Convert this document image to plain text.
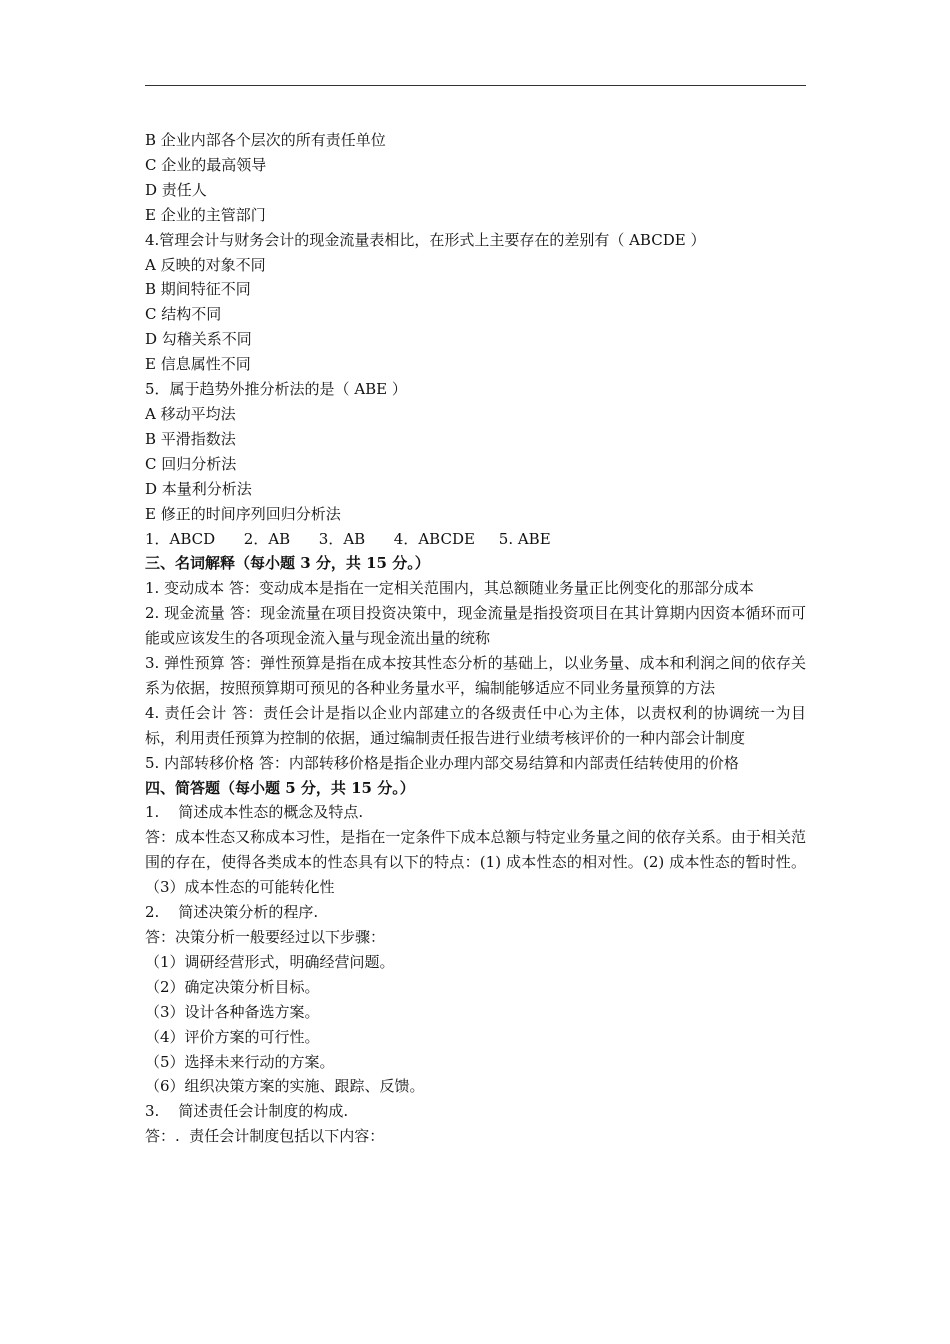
B 企业内部各个层次的所有责任单位
C 企业的最高领导
D 责任人
E 企业的主管部门
4.管理会计与财务会计的现金流量表相比，在形式上主要存在的差别有（ ABCDE ）
A 反映的对象不同
B 期间特征不同
C 结构不同
D 勾稽关系不同
E 信息属性不同
5．属于趋势外推分析法的是（ ABE ）
A 移动平均法
B 平滑指数法
C 回归分析法
D 本量利分析法
E 修正的时间序列回归分析法
1．ABCD      2．AB      3．AB      4．ABCDE     5. ABE
三、名词解释（每小题 3 分，共 15 分。）
1. 变动成本 答：变动成本是指在一定相关范围内，其总额随业务量正比例变化的那部分成本
2. 现金流量 答：现金流量在项目投资决策中，现金流量是指投资项目在其计算期内因资本循环而可能或应该发生的各项现金流入量与现金流出量的统称
3. 弹性预算 答：弹性预算是指在成本按其性态分析的基础上，以业务量、成本和利润之间的依存关系为依据，按照预算期可预见的各种业务量水平，编制能够适应不同业务量预算的方法
4. 责任会计 答：责任会计是指以企业内部建立的各级责任中心为主体，以责权利的协调统一为目标，利用责任预算为控制的依据，通过编制责任报告进行业绩考核评价的一种内部会计制度
5. 内部转移价格 答：内部转移价格是指企业办理内部交易结算和内部责任结转使用的价格
四、简答题（每小题 5 分，共 15 分。）
1.    简述成本性态的概念及特点.
答：成本性态又称成本习性，是指在一定条件下成本总额与特定业务量之间的依存关系。由于相关范围的存在，使得各类成本的性态具有以下的特点：(1) 成本性态的相对性。(2) 成本性态的暂时性。（3）成本性态的可能转化性
2.    简述决策分析的程序.
答：决策分析一般要经过以下步骤：
（1）调研经营形式，明确经营问题。
（2）确定决策分析目标。
（3）设计各种备选方案。
（4）评价方案的可行性。
（5）选择未来行动的方案。
（6）组织决策方案的实施、跟踪、反馈。
3.    简述责任会计制度的构成.
答：.  责任会计制度包括以下内容：
